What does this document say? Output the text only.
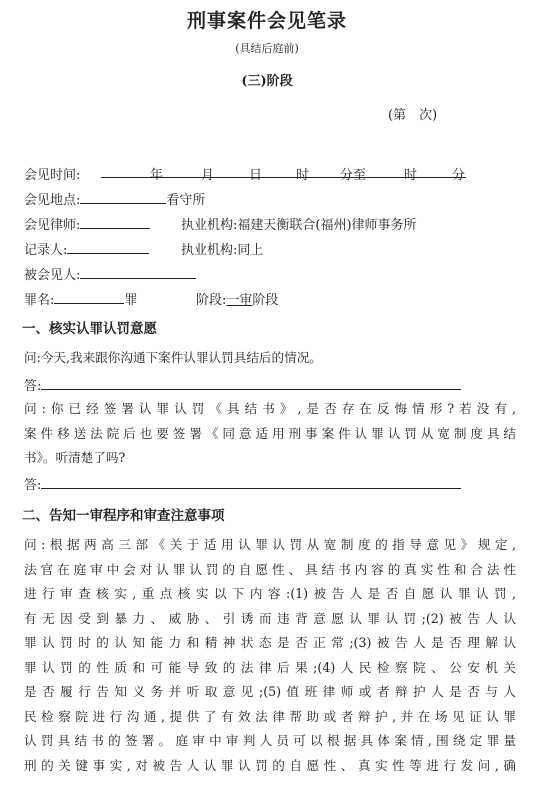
刑事案件会见笔录
(具结后庭前)
(三)阶段
(第　次)
会见时间:	年	月	日	时 分至	时	分
会见地点:	看守所
会见律师:	执业机构:福建天衡联合(福州)律师事务所
记录人:	执业机构:同上
被会见人:
罪名:	罪	阶段:一审阶段
一、核实认罪认罚意愿
问:今天,我来跟你沟通下案件认罪认罚具结后的情况。
答:
问:你已经签署认罪认罚《具结书》,是否存在反悔情形?若没有,
案件移送法院后也要签署《同意适用刑事案件认罪认罚从宽制度具结
书》。听清楚了吗?
答:
二、告知一审程序和审查注意事项
问:根据两高三部《关于适用认罪认罚从宽制度的指导意见》规定,
法官在庭审中会对认罪认罚的自愿性、具结书内容的真实性和合法性
进行审查核实,重点核实以下内容:(1)被告人是否自愿认罪认罚,
有无因受到暴力、威胁、引诱而违背意愿认罪认罚;(2)被告人认
罪认罚时的认知能力和精神状态是否正常;(3)被告人是否理解认
罪认罚的性质和可能导致的法律后果;(4)人民检察院、公安机关
是否履行告知义务并听取意见;(5)值班律师或者辩护人是否与人
民检察院进行沟通,提供了有效法律帮助或者辩护,并在场见证认罪
认罚具结书的签署。庭审中审判人员可以根据具体案情,围绕定罪量
刑的关键事实,对被告人认罪认罚的自愿性、真实性等进行发问,确
